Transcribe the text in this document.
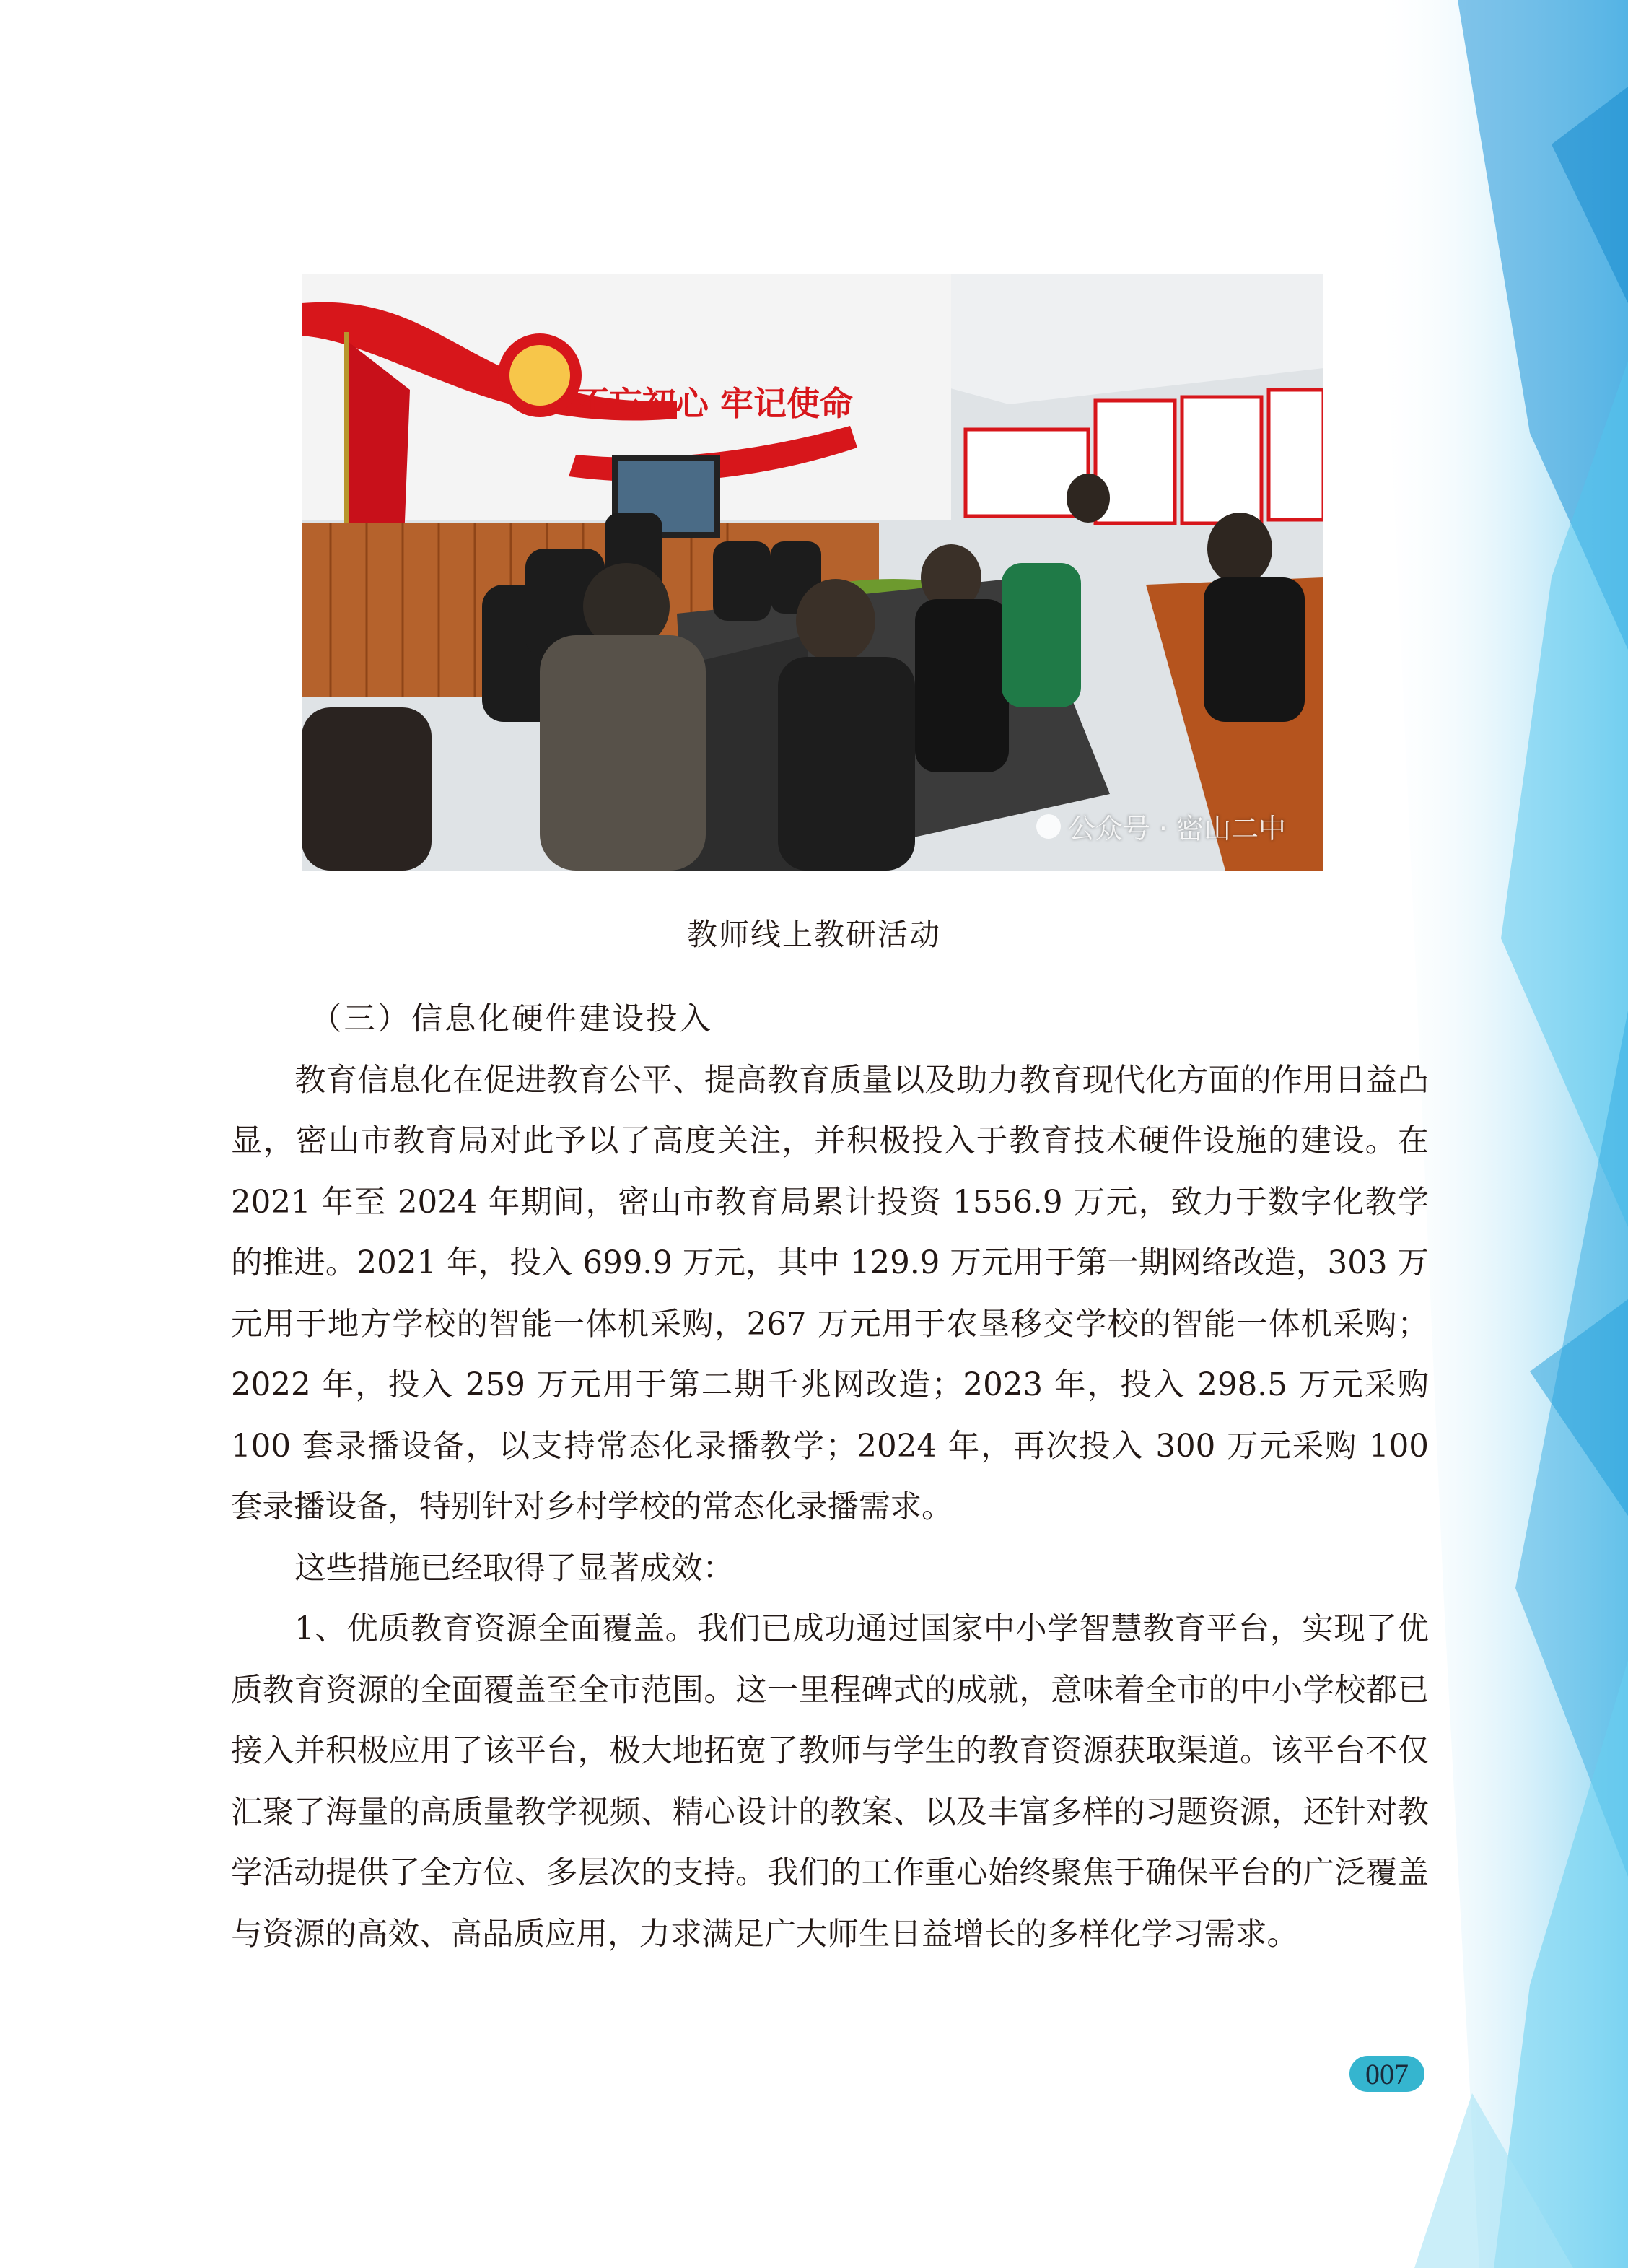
不忘初心 牢记使命
公众号 · 密山二中
教师线上教研活动

（三）信息化硬件建设投入

教育信息化在促进教育公平、提高教育质量以及助力教育现代化方面的作用日益凸显，密山市教育局对此予以了高度关注，并积极投入于教育技术硬件设施的建设。在 2021 年至 2024 年期间，密山市教育局累计投资 1556.9 万元，致力于数字化教学的推进。2021 年，投入 699.9 万元，其中 129.9 万元用于第一期网络改造，303 万元用于地方学校的智能一体机采购，267 万元用于农垦移交学校的智能一体机采购；2022 年，投入 259 万元用于第二期千兆网改造；2023 年，投入 298.5 万元采购 100 套录播设备，以支持常态化录播教学；2024 年，再次投入 300 万元采购 100 套录播设备，特别针对乡村学校的常态化录播需求。

这些措施已经取得了显著成效：

1、优质教育资源全面覆盖。我们已成功通过国家中小学智慧教育平台，实现了优质教育资源的全面覆盖至全市范围。这一里程碑式的成就，意味着全市的中小学校都已接入并积极应用了该平台，极大地拓宽了教师与学生的教育资源获取渠道。该平台不仅汇聚了海量的高质量教学视频、精心设计的教案、以及丰富多样的习题资源，还针对教学活动提供了全方位、多层次的支持。我们的工作重心始终聚焦于确保平台的广泛覆盖与资源的高效、高品质应用，力求满足广大师生日益增长的多样化学习需求。

007
